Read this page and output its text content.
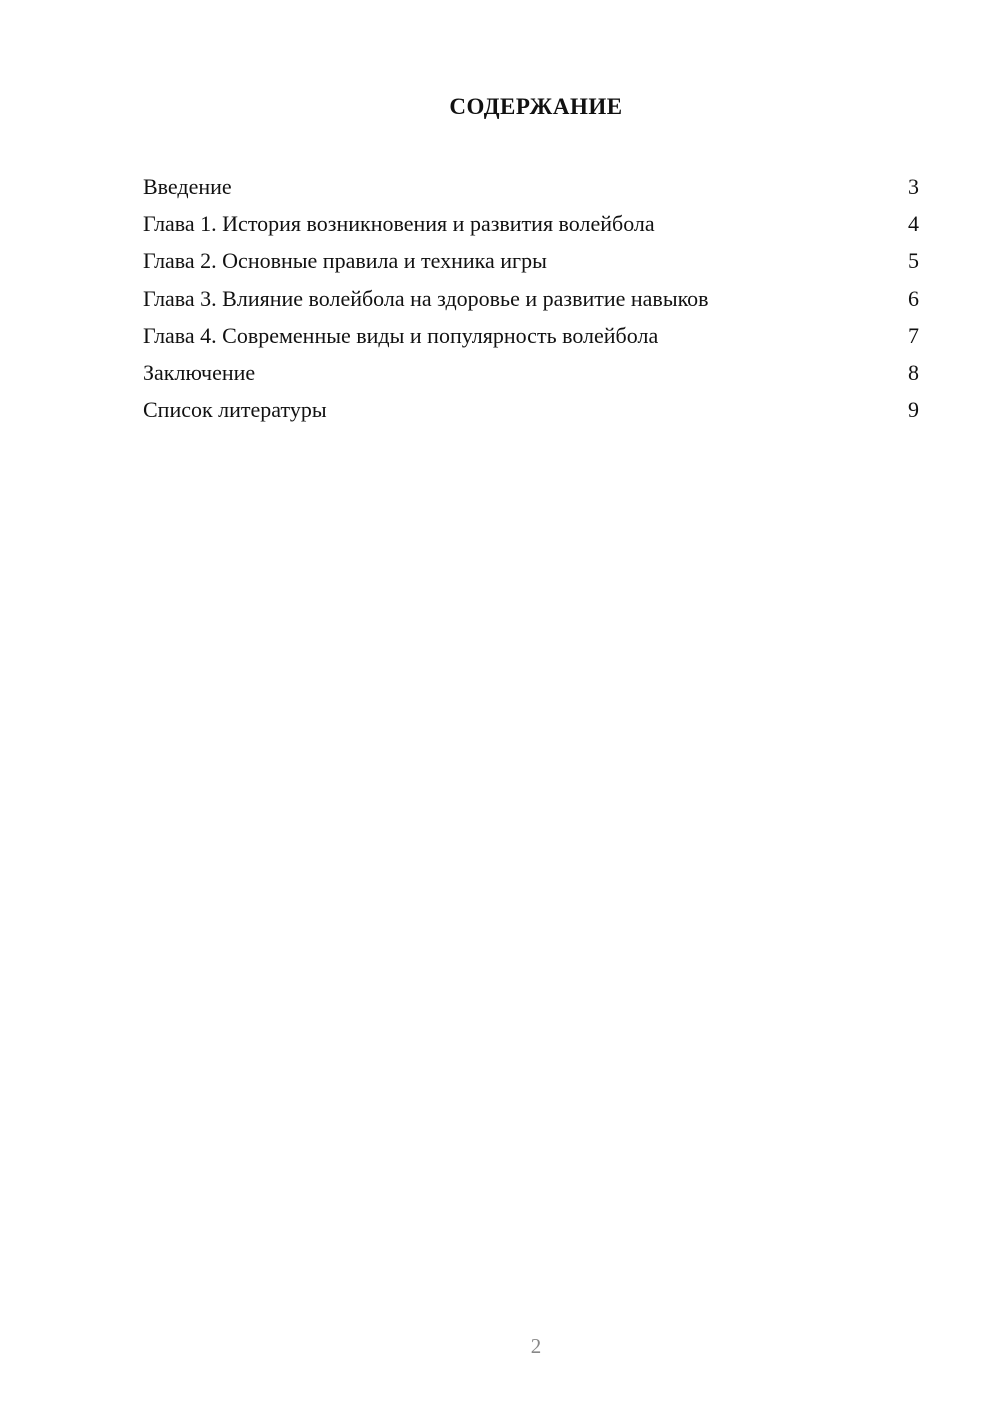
СОДЕРЖАНИЕ
Введение	3
Глава 1. История возникновения и развития волейбола	4
Глава 2. Основные правила и техника игры	5
Глава 3. Влияние волейбола на здоровье и развитие навыков	6
Глава 4. Современные виды и популярность волейбола	7
Заключение	8
Список литературы	9
2
